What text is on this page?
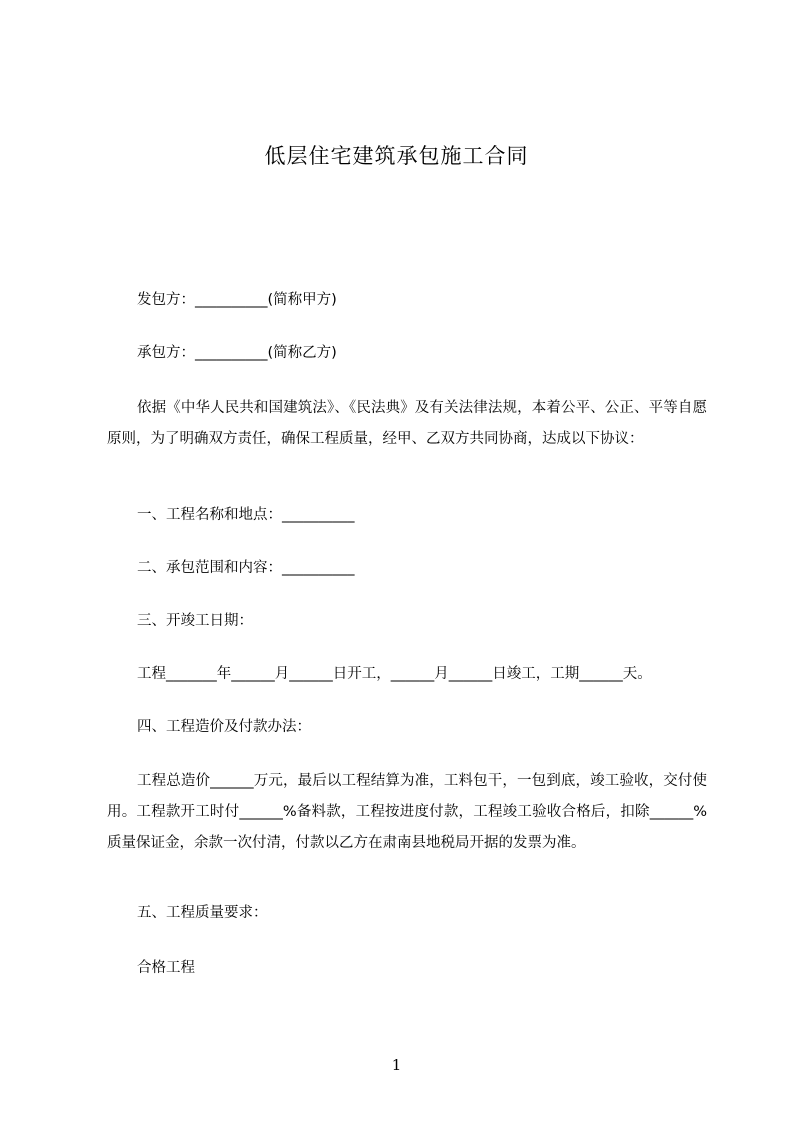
低层住宅建筑承包施工合同
发包方：__________(简称甲方)
承包方：__________(简称乙方)
依据《中华人民共和国建筑法》、《民法典》及有关法律法规，本着公平、公正、平等自愿原则，为了明确双方责任，确保工程质量，经甲、乙双方共同协商，达成以下协议：
一、工程名称和地点：__________
二、承包范围和内容：__________
三、开竣工日期：
工程_______年______月______日开工，______月______日竣工，工期______天。
四、工程造价及付款办法：
工程总造价______万元，最后以工程结算为准，工料包干，一包到底，竣工验收，交付使用。工程款开工时付______%备料款，工程按进度付款，工程竣工验收合格后，扣除______%质量保证金，余款一次付清，付款以乙方在肃南县地税局开据的发票为准。
五、工程质量要求：
合格工程
1
